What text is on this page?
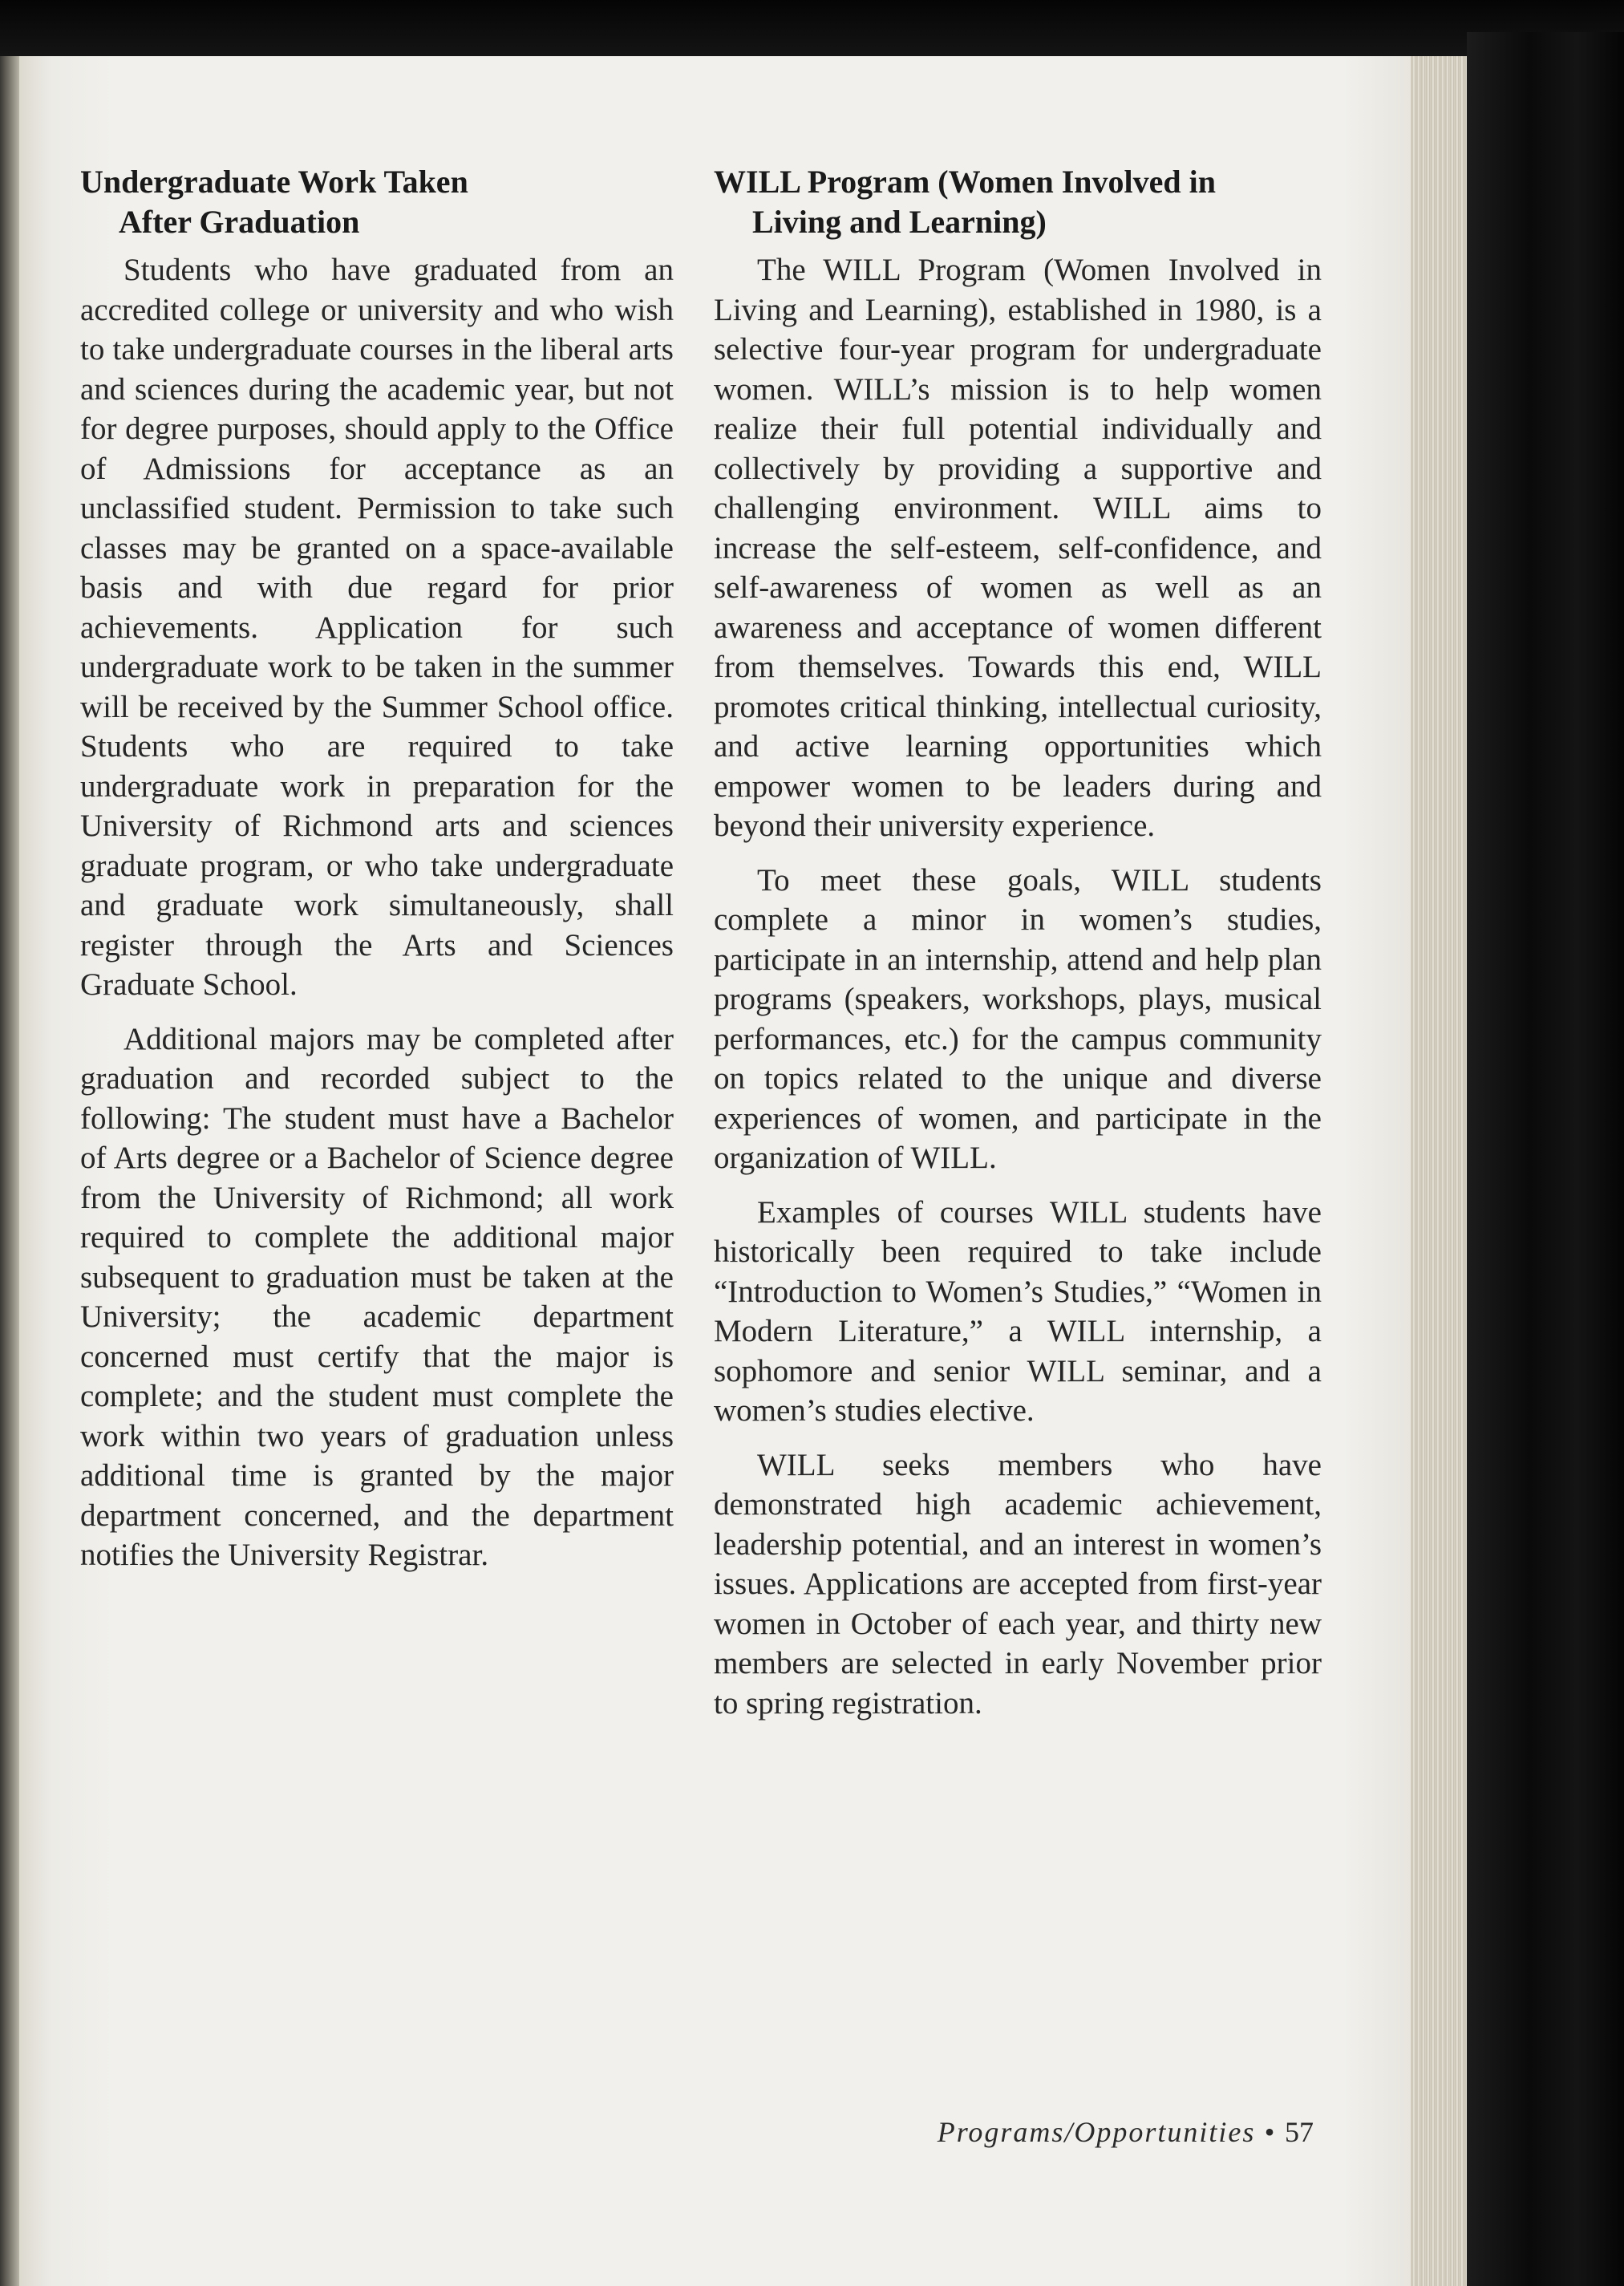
Undergraduate Work Taken
After Graduation

Students who have graduated from an accredited college or university and who wish to take undergraduate courses in the liberal arts and sciences during the academic year, but not for degree purposes, should apply to the Office of Admissions for acceptance as an unclassified student. Permission to take such classes may be granted on a space-available basis and with due regard for prior achievements. Application for such undergraduate work to be taken in the summer will be received by the Summer School office. Students who are required to take undergraduate work in preparation for the University of Richmond arts and sciences graduate program, or who take undergraduate and graduate work simultaneously, shall register through the Arts and Sciences Graduate School.

Additional majors may be completed after graduation and recorded subject to the following: The student must have a Bachelor of Arts degree or a Bachelor of Science degree from the University of Richmond; all work required to complete the additional major subsequent to graduation must be taken at the University; the academic department concerned must certify that the major is complete; and the student must complete the work within two years of graduation unless additional time is granted by the major department concerned, and the department notifies the University Registrar.

WILL Program (Women Involved in
Living and Learning)

The WILL Program (Women Involved in Living and Learning), established in 1980, is a selective four-year program for undergraduate women. WILL’s mission is to help women realize their full potential individually and collectively by providing a supportive and challenging environment. WILL aims to increase the self-esteem, self-confidence, and self-awareness of women as well as an awareness and acceptance of women different from themselves. Towards this end, WILL promotes critical thinking, intellectual curiosity, and active learning opportunities which empower women to be leaders during and beyond their university experience.

To meet these goals, WILL students complete a minor in women’s studies, participate in an internship, attend and help plan programs (speakers, workshops, plays, musical performances, etc.) for the campus community on topics related to the unique and diverse experiences of women, and participate in the organization of WILL.

Examples of courses WILL students have historically been required to take include “Introduction to Women’s Studies,” “Women in Modern Literature,” a WILL internship, a sophomore and senior WILL seminar, and a women’s studies elective.

WILL seeks members who have demonstrated high academic achievement, leadership potential, and an interest in women’s issues. Applications are accepted from first-year women in October of each year, and thirty new members are selected in early November prior to spring registration.

Programs/Opportunities • 57
